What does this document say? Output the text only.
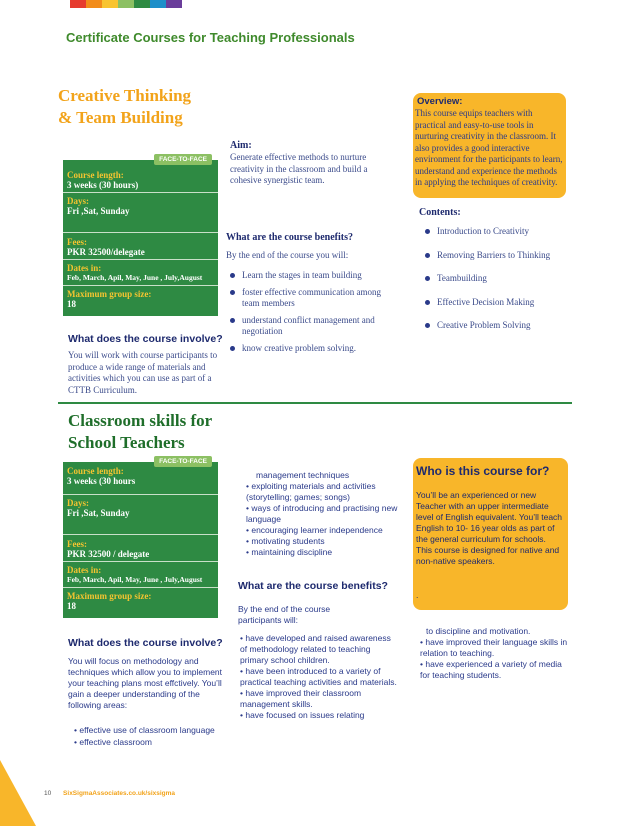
Certificate Courses for Teaching Professionals
Creative Thinking
& Team Building
FACE-TO-FACE
Course length:
3 weeks (30 hours)
Days:
Fri ,Sat, Sunday
Fees:
PKR 32500/delegate
Dates in:
Feb, March, Apil, May, June , July,August
Maximum group size:
18
What does the course involve?
You will work with course participants to produce a wide range of materials and activities which you can use as part of a CTTB Curriculum.
Aim:
Generate effective methods to nurture creativity in the classroom and build a cohesive synergistic team.
What are the course benefits?
By the end of the course you will:
Learn the stages in team building
foster effective communication among team members
understand conflict management and negotiation
know creative problem solving.
Overview:
This course equips teachers with practical and easy-to-use tools in nurturing creativity in the classroom. It also provides a good interactive environment for the participants to learn, understand and experience the methods in applying the techniques of creativity.
Contents:
Introduction to Creativity
Removing Barriers to Thinking
Teambuilding
Effective Decision Making
Creative Problem Solving
Classroom skills for
School Teachers
FACE-TO-FACE
Course length:
3 weeks (30 hours
Days:
Fri ,Sat, Sunday
Fees:
PKR 32500 / delegate
Dates in:
Feb, March, Apil, May, June , July,August
Maximum group size:
18
What does the course involve?
You will focus on methodology and techniques which allow you to implement your teaching plans most effctively. You’ll gain a deeper understanding of the following areas:
• effective use of classroom language
• effective classroom
management techniques
• exploiting materials and activities (storytelling; games; songs)
• ways of introducing and practising new language
• encouraging learner independence
• motivating students
• maintaining discipline
What are the course benefits?
By the end of the course participants will:
• have developed and raised awareness of methodology related to teaching primary school children.
• have been introduced to a variety of practical teaching activities and materials.
• have improved their classroom management skills.
• have focused on issues relating
Who is this course for?
You’ll be an experienced or new Teacher with an upper intermediate level of English equivalent. You’ll teach English to 10- 16 year olds as part of the general curriculum for schools. This course is designed for native and non-native speakers.
.
to discipline and motivation.
• have improved their language skills in relation to teaching.
• have experienced a variety of media for teaching students.
10 SixSigmaAssociates.co.uk/sixsigma
